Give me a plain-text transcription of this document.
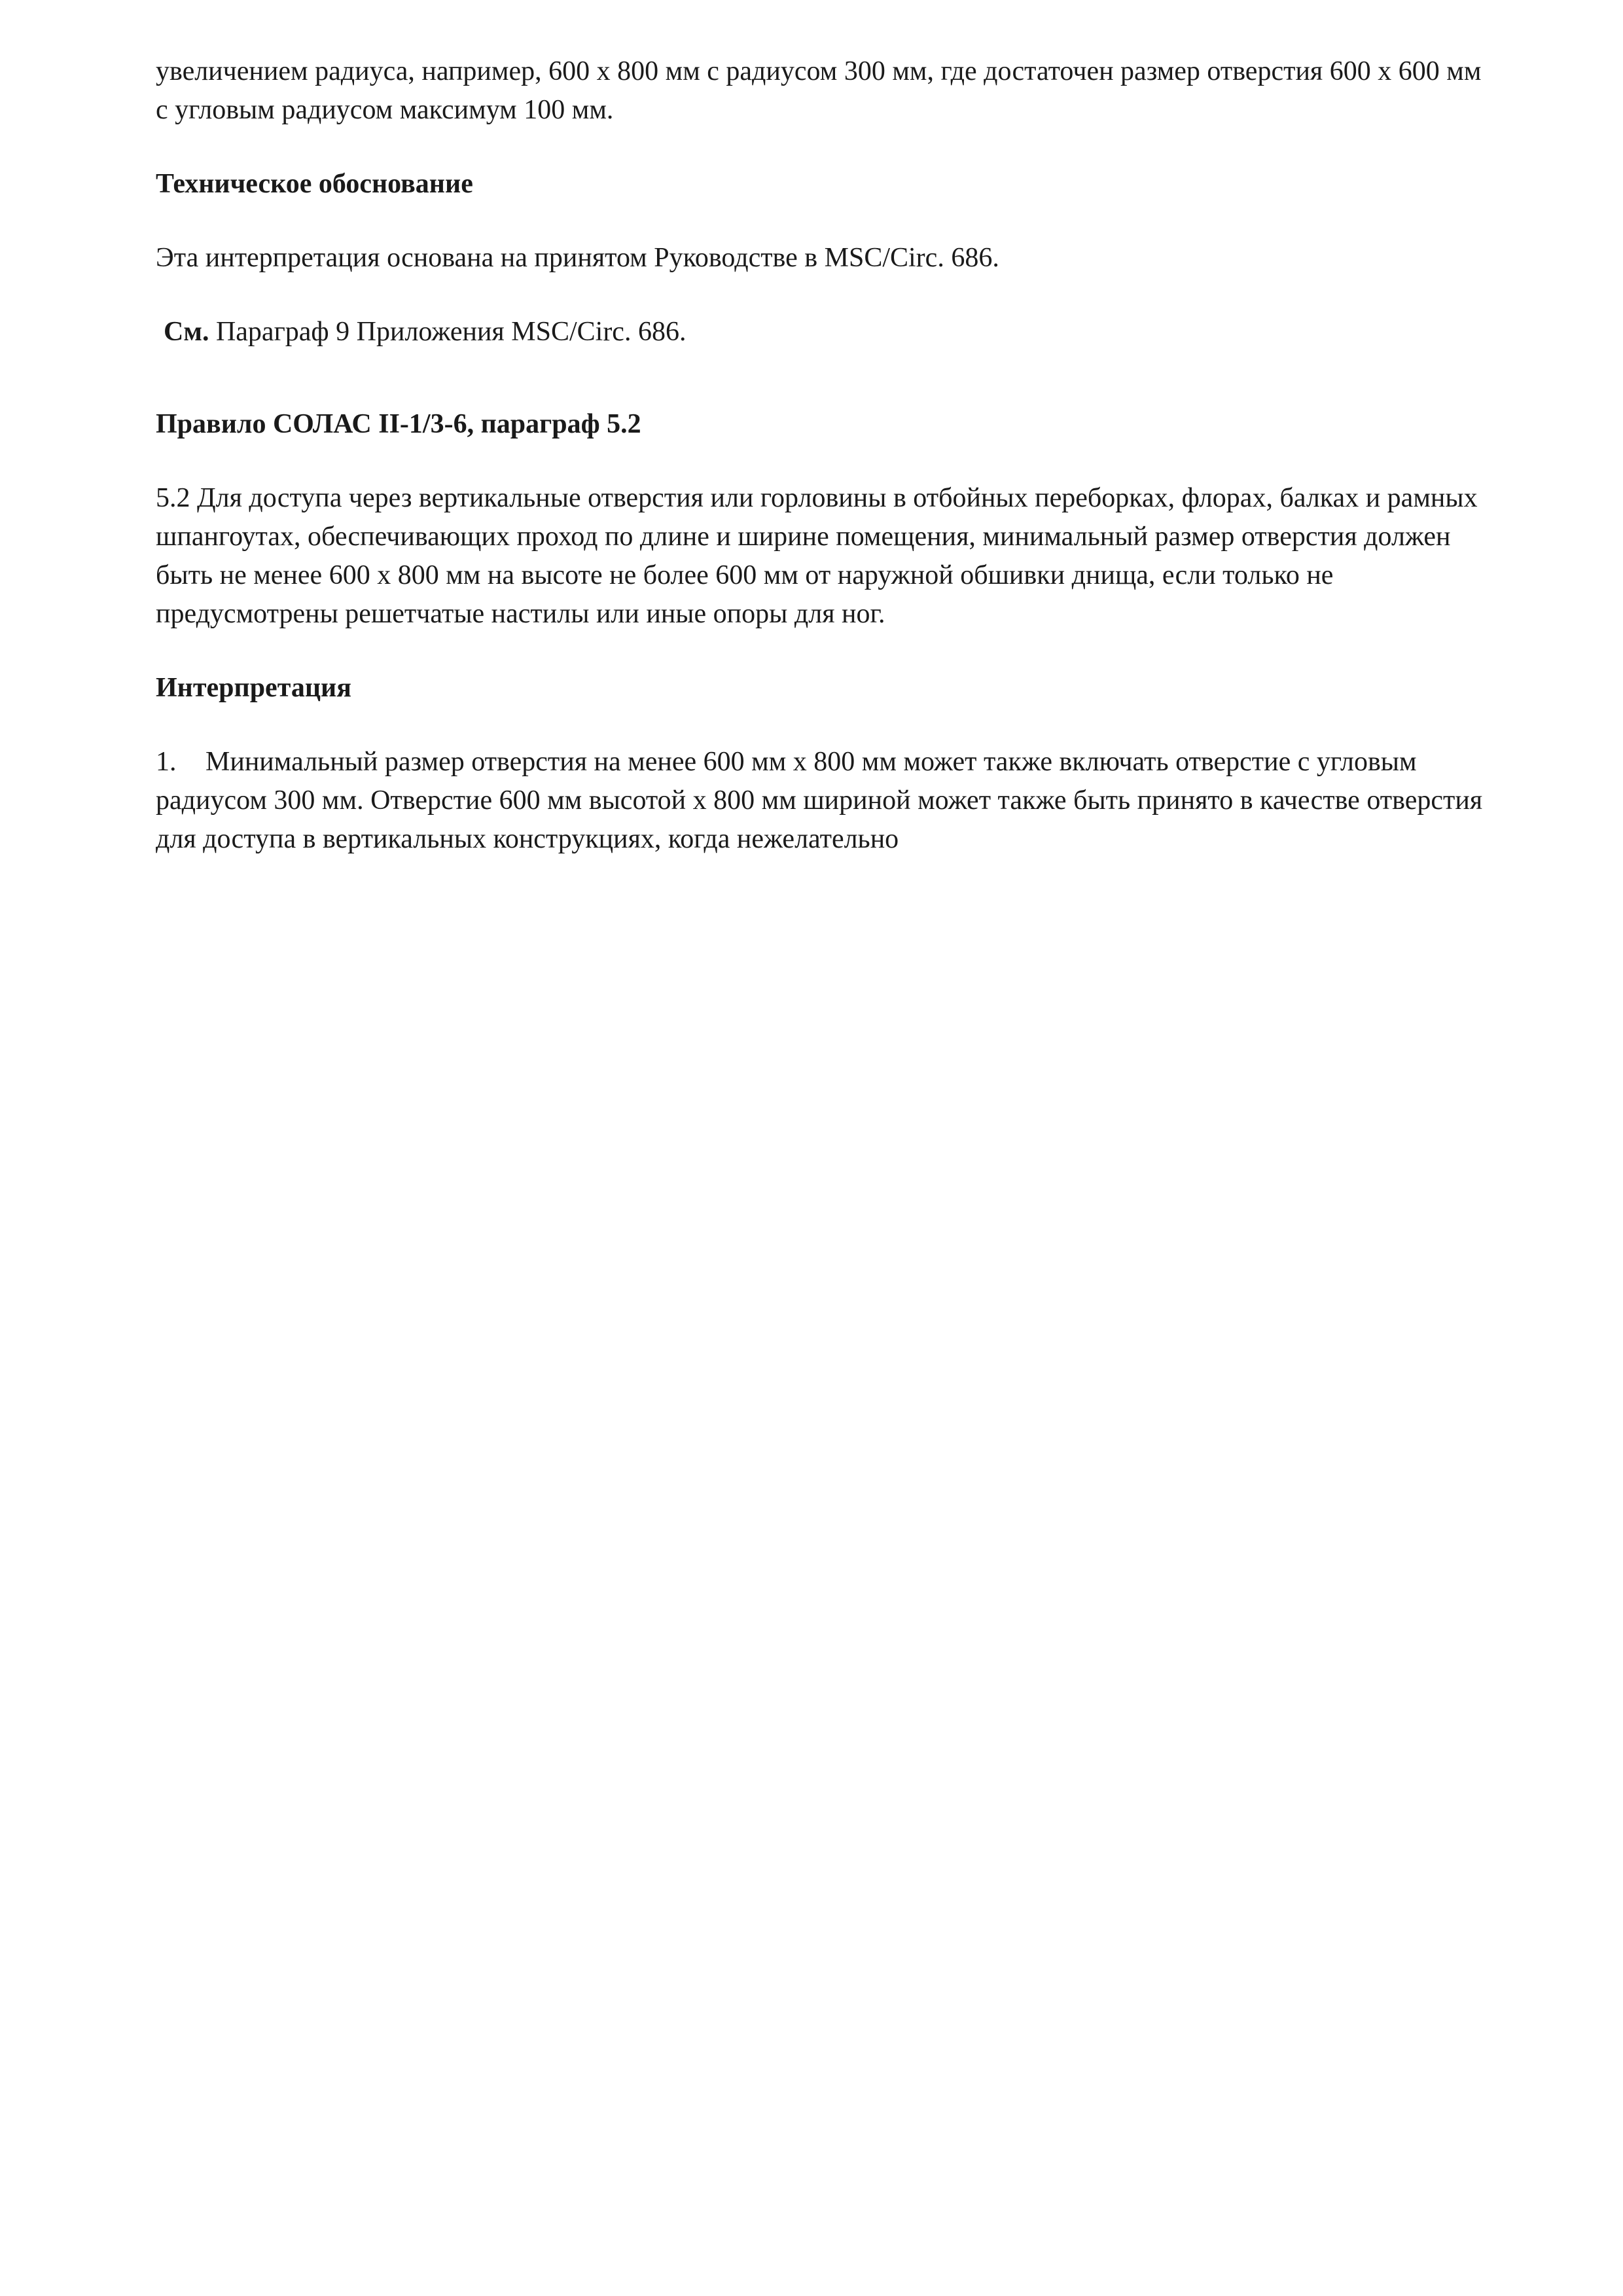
увеличением радиуса, например, 600 x 800 мм с радиусом 300 мм, где достаточен размер отверстия 600 x 600 мм с угловым радиусом максимум 100 мм.

Техническое обоснование

Эта интерпретация основана на принятом Руководстве в MSC/Circ. 686.

См. Параграф 9 Приложения MSC/Circ. 686.

Правило СОЛАС II-1/3-6, параграф 5.2

5.2 Для доступа через вертикальные отверстия или горловины в отбойных переборках, флорах, балках и рамных шпангоутах, обеспечивающих проход по длине и ширине помещения, минимальный размер отверстия должен быть не менее 600 x 800 мм на высоте не более 600 мм от наружной обшивки днища, если только не предусмотрены решетчатые настилы или иные опоры для ног.

Интерпретация

1. Минимальный размер отверстия на менее 600 мм x 800 мм может также включать отверстие с угловым радиусом 300 мм. Отверстие 600 мм высотой x 800 мм шириной может также быть принято в качестве отверстия для доступа в вертикальных конструкциях, когда нежелательно
